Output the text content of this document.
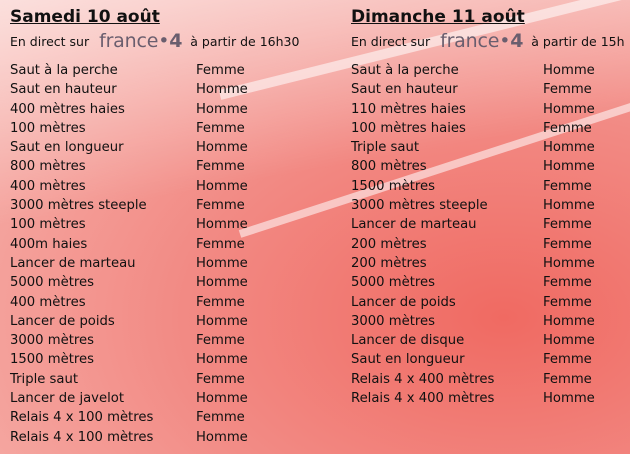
Samedi 10 août
En direct sur france•4 à partir de 16h30
Saut à la perche	Femme
Saut en hauteur	Homme
400 mètres haies	Homme
100 mètres	Femme
Saut en longueur	Homme
800 mètres	Femme
400 mètres	Homme
3000 mètres steeple	Femme
100 mètres	Homme
400m haies	Femme
Lancer de marteau	Homme
5000 mètres	Homme
400 mètres	Femme
Lancer de poids	Homme
3000 mètres	Femme
1500 mètres	Homme
Triple saut	Femme
Lancer de javelot	Homme
Relais 4 x 100 mètres	Femme
Relais 4 x 100 mètres	Homme
Dimanche 11 août
En direct sur france•4 à partir de 15h
Saut à la perche	Homme
Saut en hauteur	Femme
110 mètres haies	Homme
100 mètres haies	Femme
Triple saut	Homme
800 mètres	Homme
1500 mètres	Femme
3000 mètres steeple	Homme
Lancer de marteau	Femme
200 mètres	Femme
200 mètres	Homme
5000 mètres	Femme
Lancer de poids	Femme
3000 mètres	Homme
Lancer de disque	Homme
Saut en longueur	Femme
Relais 4 x 400 mètres	Femme
Relais 4 x 400 mètres	Homme
